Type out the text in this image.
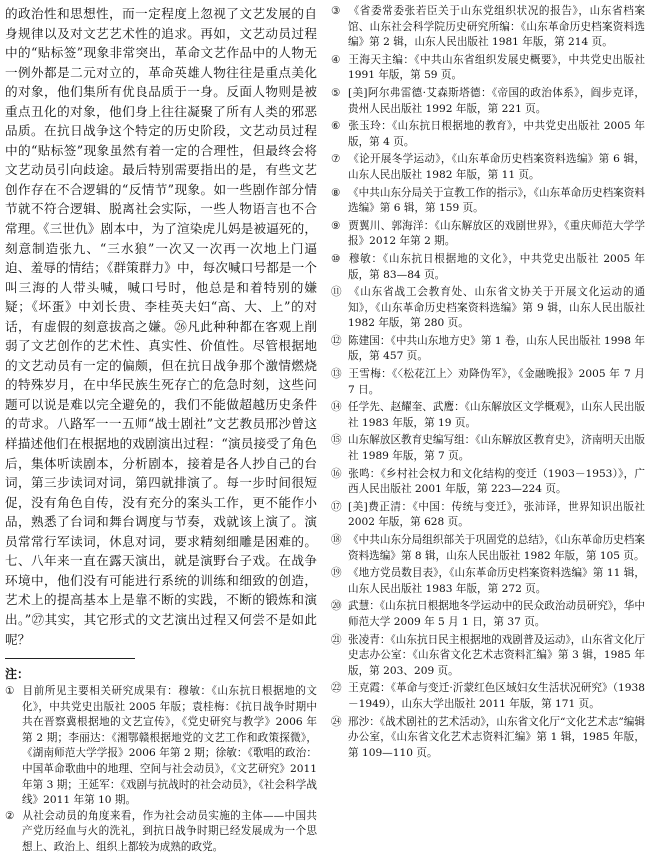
的政治性和思想性，而一定程度上忽视了文艺发展的自身规律以及对文艺艺术性的追求。再如，文艺动员过程中的“贴标签”现象非常突出，革命文艺作品中的人物无一例外都是二元对立的，革命英雄人物往往是重点美化的对象，他们集所有优良品质于一身。反面人物则是被重点丑化的对象，他们身上往往凝聚了所有人类的邪恶品质。在抗日战争这个特定的历史阶段，文艺动员过程中的“贴标签”现象虽然有着一定的合理性，但最终会将文艺动员引向歧途。最后特别需要指出的是，有些文艺创作存在不合逻辑的“反情节”现象。如一些剧作部分情节就不符合逻辑、脱离社会实际，一些人物语言也不合常理。《三世仇》剧本中，为了渲染虎儿妈是被逼死的，刻意制造张九、“三水狼”一次又一次再一次地上门逼迫、羞辱的情结；《群策群力》中，每次喊口号都是一个叫三海的人带头喊，喊口号时，他总是和着特别的嫌疑；《坏蛋》中刘长贵、李桂英夫妇“高、大、上”的对话，有虚假的刻意拔高之嫌。㉖凡此种种都在客观上削弱了文艺创作的艺术性、真实性、价值性。尽管根据地的文艺动员有一定的偏颇，但在抗日战争那个激情燃烧的特殊岁月，在中华民族生死存亡的危急时刻，这些问题可以说是难以完全避免的，我们不能做超越历史条件的苛求。八路军一一五师“战士剧社”文艺教员邢沙曾这样描述他们在根据地的戏剧演出过程：“演员接受了角色后，集体听读剧本，分析剧本，接着是各人抄自己的台词，第三步读词对词，第四就排演了。每一步时间很短促，没有角色自传，没有充分的案头工作，更不能作小品，熟悉了台词和舞台调度与节奏，戏就该上演了。演员常常行军读词，休息对词，要求精刻细雕是困难的。七、八年来一直在露天演出，就是演野台子戏。在战争环境中，他们没有可能进行系统的训练和细致的创造，艺术上的提高基本上是靠不断的实践，不断的锻炼和演出。”㉗其实，其它形式的文艺演出过程又何尝不是如此呢？

注：

① 目前所见主要相关研究成果有：穆敏：《山东抗日根据地的文化》，中共党史出版社 2005 年版；袁桂梅：《抗日战争时期中共在晋察冀根据地的文艺宣传》，《党史研究与教学》2006 年第 2 期；李丽达：《湘鄂赣根据地党的文艺工作和政策探微》，《湖南师范大学学报》2006 年第 2 期；徐敏：《歌唱的政治：中国革命歌曲中的地理、空间与社会动员》，《文艺研究》2011 年第 3 期；王延军：《戏剧与抗战时的社会动员》，《社会科学战线》2011 年第 10 期。

② 从社会动员的角度来看，作为社会动员实施的主体——中国共产党历经血与火的洗礼，到抗日战争时期已经发展成为一个思想上、政治上、组织上都较为成熟的政党。

③ 《省委常委张若臣关于山东党组织状况的报告》，山东省档案馆、山东社会科学院历史研究所编：《山东革命历史档案资料选编》第 2 辑，山东人民出版社 1981 年版，第 214 页。

④ 王海天主编：《中共山东省组织发展史概要》，中共党史出版社 1991 年版，第 59 页。

⑤ [美]阿尔弗雷德·艾森斯塔德：《帝国的政治体系》，阎步克译，贵州人民出版社 1992 年版，第 221 页。

⑥ 张玉玲：《山东抗日根据地的教育》，中共党史出版社 2005 年版，第 4 页。

⑦ 《论开展冬学运动》，《山东革命历史档案资料选编》第 6 辑，山东人民出版社 1982 年版，第 11 页。

⑧ 《中共山东分局关于宣教工作的指示》，《山东革命历史档案资料选编》第 6 辑，第 159 页。

⑨ 贾翼川、郭海洋：《山东解放区的戏剧世界》，《重庆师范大学学报》2012 年第 2 期。

⑩ 穆敏：《山东抗日根据地的文化》，中共党史出版社 2005 年版，第 83—84 页。

⑪ 《山东省战工会教育处、山东省文协关于开展文化运动的通知》，《山东革命历史档案资料选编》第 9 辑，山东人民出版社 1982 年版，第 280 页。

⑫ 陈建国：《中共山东地方史》第 1 卷，山东人民出版社 1998 年版，第 457 页。

⑬ 王雪梅：《〈松花江上〉劝降伪军》，《金融晚报》2005 年 7 月 7 日。

⑭ 任学先、赵耀奎、武鹰：《山东解放区文学概观》，山东人民出版社 1983 年版，第 19 页。

⑮ 山东解放区教育史编写组：《山东解放区教育史》，济南明天出版社 1989 年版，第 7 页。

⑯ 张鸣：《乡村社会权力和文化结构的变迁（1903－1953）》，广西人民出版社 2001 年版，第 223—224 页。

⑰ [美]费正清：《中国：传统与变迁》，张沛译，世界知识出版社 2002 年版，第 628 页。

⑱ 《中共山东分局组织部关于巩固党的总结》，《山东革命历史档案资料选编》第 8 辑，山东人民出版社 1982 年版，第 105 页。

⑲ 《地方党员数目表》，《山东革命历史档案资料选编》第 11 辑，山东人民出版社 1983 年版，第 272 页。

⑳ 武慧：《山东抗日根据地冬学运动中的民众政治动员研究》，华中师范大学 2009 年 5 月 1 日，第 37 页。

㉑ 张凌青：《山东抗日民主根据地的戏剧普及运动》，山东省文化厅史志办公室：《山东省文化艺术志资料汇编》第 3 辑，1985 年版，第 203、209 页。

㉒ 王克霞：《革命与变迁·沂蒙红色区域妇女生活状况研究》（1938－1949），山东大学出版社 2011 年版，第 171 页。

㉔ 邢沙：《战术剧社的艺术活动》，山东省文化厅“文化艺术志”编辑办公室，《山东省文化艺术志资料汇编》第 1 辑，1985 年版，第 109—110 页。
